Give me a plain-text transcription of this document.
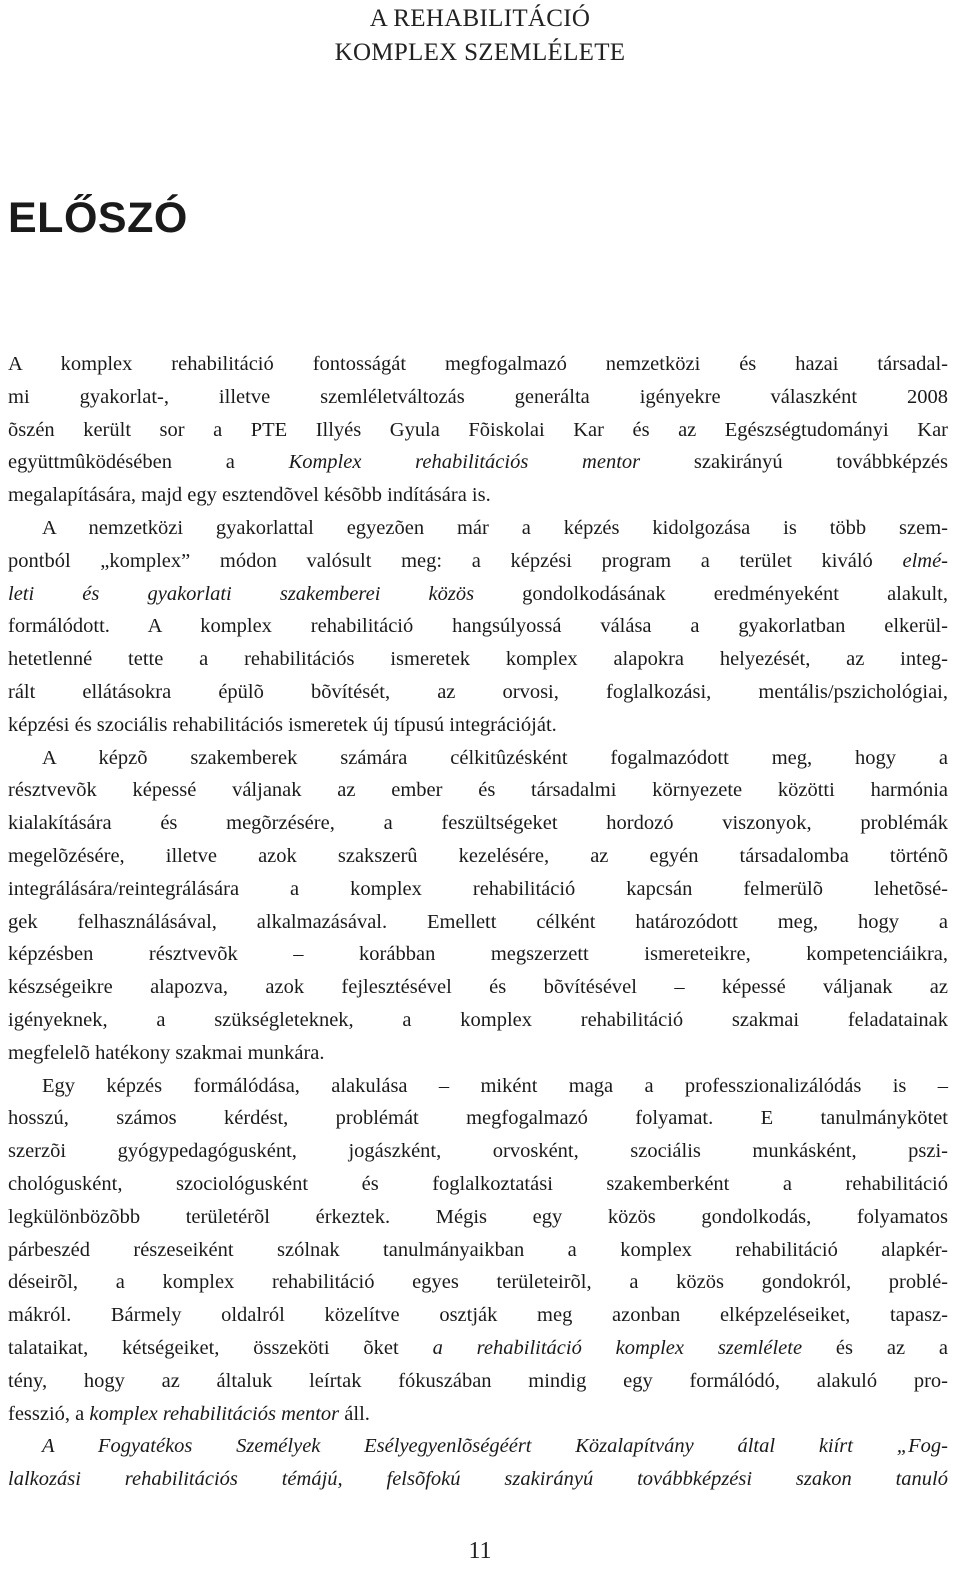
A REHABILITÁCIÓ
KOMPLEX SZEMLÉLETE
ELŐSZÓ
A komplex rehabilitáció fontosságát megfogalmazó nemzetközi és hazai társadal-
mi gyakorlat-, illetve szemléletváltozás generálta igényekre válaszként 2008
õszén került sor a PTE Illyés Gyula Fõiskolai Kar és az Egészségtudományi Kar
együttmûködésében a Komplex rehabilitációs mentor szakirányú továbbképzés
megalapítására, majd egy esztendõvel késõbb indítására is.
A nemzetközi gyakorlattal egyezõen már a képzés kidolgozása is több szem-
pontból „komplex” módon valósult meg: a képzési program a terület kiváló elmé-
leti és gyakorlati szakemberei közös gondolkodásának eredményeként alakult,
formálódott. A komplex rehabilitáció hangsúlyossá válása a gyakorlatban elkerül-
hetetlenné tette a rehabilitációs ismeretek komplex alapokra helyezését, az integ-
rált ellátásokra épülõ bõvítését, az orvosi, foglalkozási, mentális/pszichológiai,
képzési és szociális rehabilitációs ismeretek új típusú integrációját.
A képzõ szakemberek számára célkitûzésként fogalmazódott meg, hogy a
résztvevõk képessé váljanak az ember és társadalmi környezete közötti harmónia
kialakítására és megõrzésére, a feszültségeket hordozó viszonyok, problémák
megelõzésére, illetve azok szakszerû kezelésére, az egyén társadalomba történõ
integrálására/reintegrálására a komplex rehabilitáció kapcsán felmerülõ lehetõsé-
gek felhasználásával, alkalmazásával. Emellett célként határozódott meg, hogy a
képzésben résztvevõk – korábban megszerzett ismereteikre, kompetenciáikra,
készségeikre alapozva, azok fejlesztésével és bõvítésével – képessé váljanak az
igényeknek, a szükségleteknek, a komplex rehabilitáció szakmai feladatainak
megfelelõ hatékony szakmai munkára.
Egy képzés formálódása, alakulása – miként maga a professzionalizálódás is –
hosszú, számos kérdést, problémát megfogalmazó folyamat. E tanulmánykötet
szerzõi gyógypedagógusként, jogászként, orvosként, szociális munkásként, pszi-
chológusként, szociológusként és foglalkoztatási szakemberként a rehabilitáció
legkülönbözõbb területérõl érkeztek. Mégis egy közös gondolkodás, folyamatos
párbeszéd részeseiként szólnak tanulmányaikban a komplex rehabilitáció alapkér-
déseirõl, a komplex rehabilitáció egyes területeirõl, a közös gondokról, problé-
mákról. Bármely oldalról közelítve osztják meg azonban elképzeléseiket, tapasz-
talataikat, kétségeiket, összeköti õket a rehabilitáció komplex szemlélete és az a
tény, hogy az általuk leírtak fókuszában mindig egy formálódó, alakuló pro-
fesszió, a komplex rehabilitációs mentor áll.
A Fogyatékos Személyek Esélyegyenlõségéért Közalapítvány által kiírt „Fog-
lalkozási rehabilitációs témájú, felsõfokú szakirányú továbbképzési szakon tanuló
11
